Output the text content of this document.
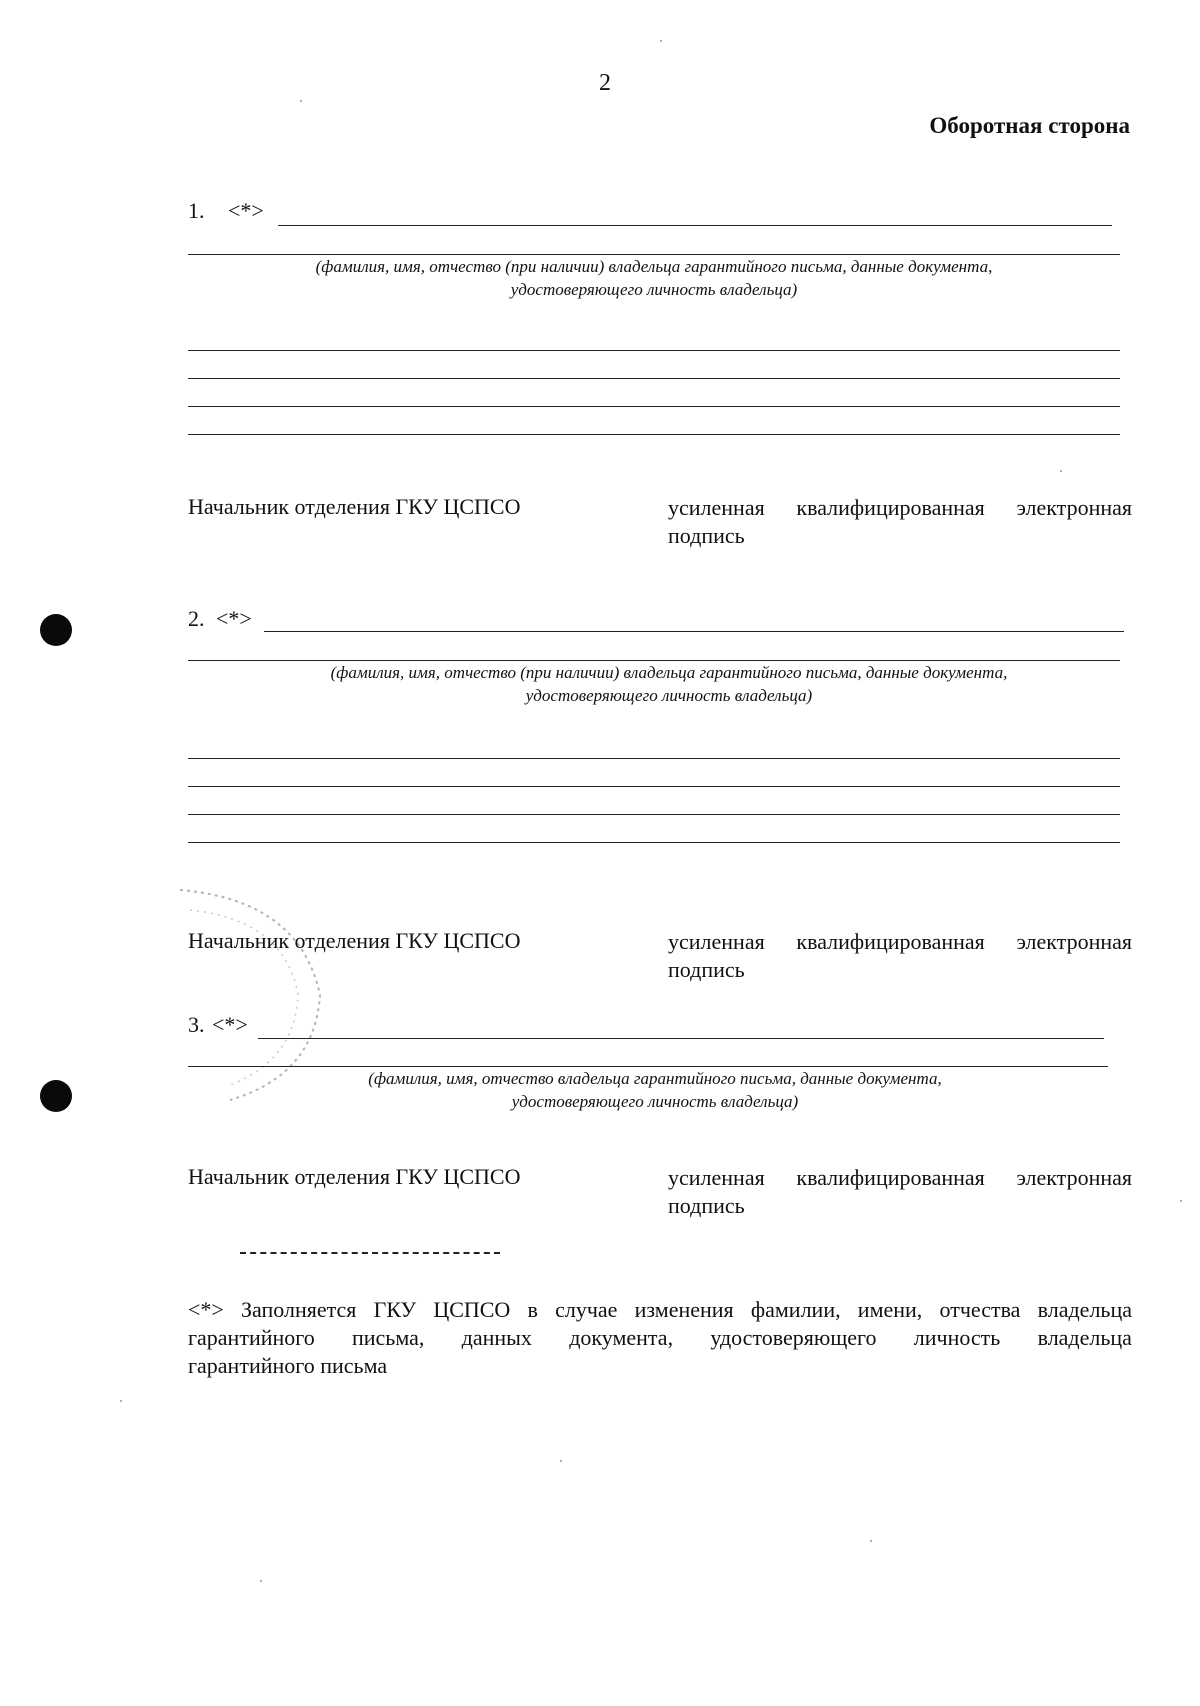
2
Оборотная сторона
1. <*>
(фамилия, имя, отчество (при наличии) владельца гарантийного письма, данные документа,
удостоверяющего личность владельца)
Начальник отделения ГКУ ЦСПСО	усиленная квалифицированная электронная
подпись
2. <*>
(фамилия, имя, отчество (при наличии) владельца гарантийного письма, данные документа,
удостоверяющего личность владельца)
Начальник отделения ГКУ ЦСПСО	усиленная квалифицированная электронная
подпись
3. <*>
(фамилия, имя, отчество владельца гарантийного письма, данные документа,
удостоверяющего личность владельца)
Начальник отделения ГКУ ЦСПСО	усиленная квалифицированная электронная
подпись
<*> Заполняется ГКУ ЦСПСО в случае изменения фамилии, имени, отчества владельца
гарантийного письма, данных документа, удостоверяющего личность владельца
гарантийного письма
